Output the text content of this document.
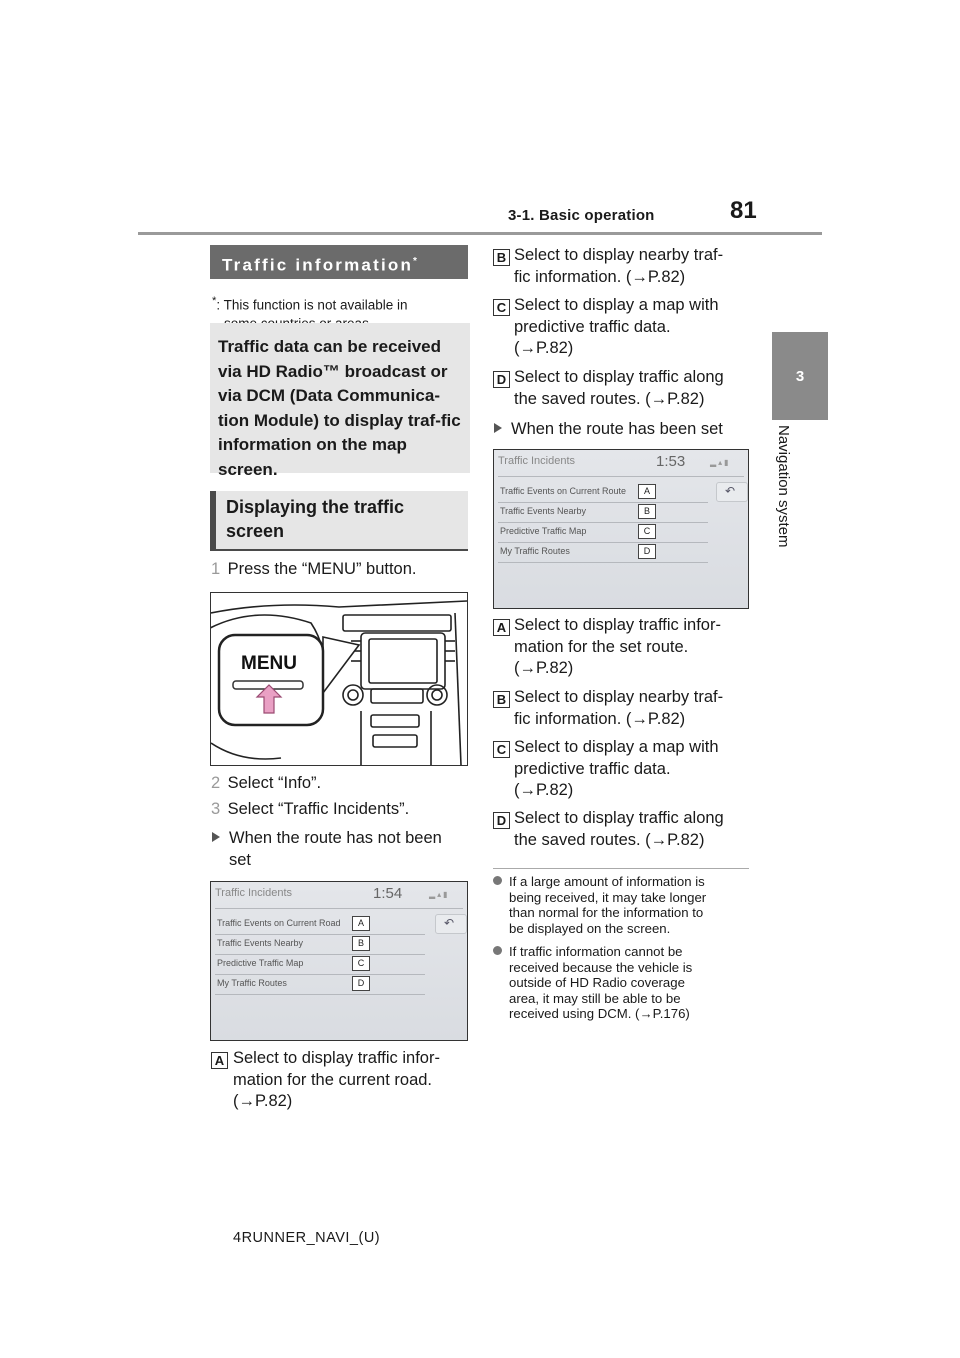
3-1. Basic operation	81
3
Navigation system
Traffic information*
*: This function is not available in

Traffic data can be received via HD Radio™ broadcast or via DCM (Data Communica-tion Module) to display traf-fic information on the map screen.

Displaying the traffic
screen

1 Press the “MENU” button.
MENU
2 Select “Info”.
3 Select “Traffic Incidents”.
When the route has not been
set
Traffic Incidents	1:54	▂▴▮
Traffic Events on Current Road	A
Traffic Events Nearby	B
Predictive Traffic Map	C
My Traffic Routes	D
↶
A Select to display traffic infor-
mation for the current road.
(→P.82)
B Select to display nearby traf-
fic information. (→P.82)
C Select to display a map with
predictive traffic data.
(→P.82)
D Select to display traffic along
the saved routes. (→P.82)
When the route has been set
Traffic Incidents	1:53	▂▴▮
Traffic Events on Current Route	A
Traffic Events Nearby	B
Predictive Traffic Map	C
My Traffic Routes	D
↶
A Select to display traffic infor-
mation for the set route.
(→P.82)
B Select to display nearby traf-
fic information. (→P.82)
C Select to display a map with
predictive traffic data.
(→P.82)
D Select to display traffic along
the saved routes. (→P.82)
If a large amount of information is
being received, it may take longer
than normal for the information to
be displayed on the screen.
If traffic information cannot be
received because the vehicle is
outside of HD Radio coverage
area, it may still be able to be
received using DCM. (→P.176)
4RUNNER_NAVI_(U)
